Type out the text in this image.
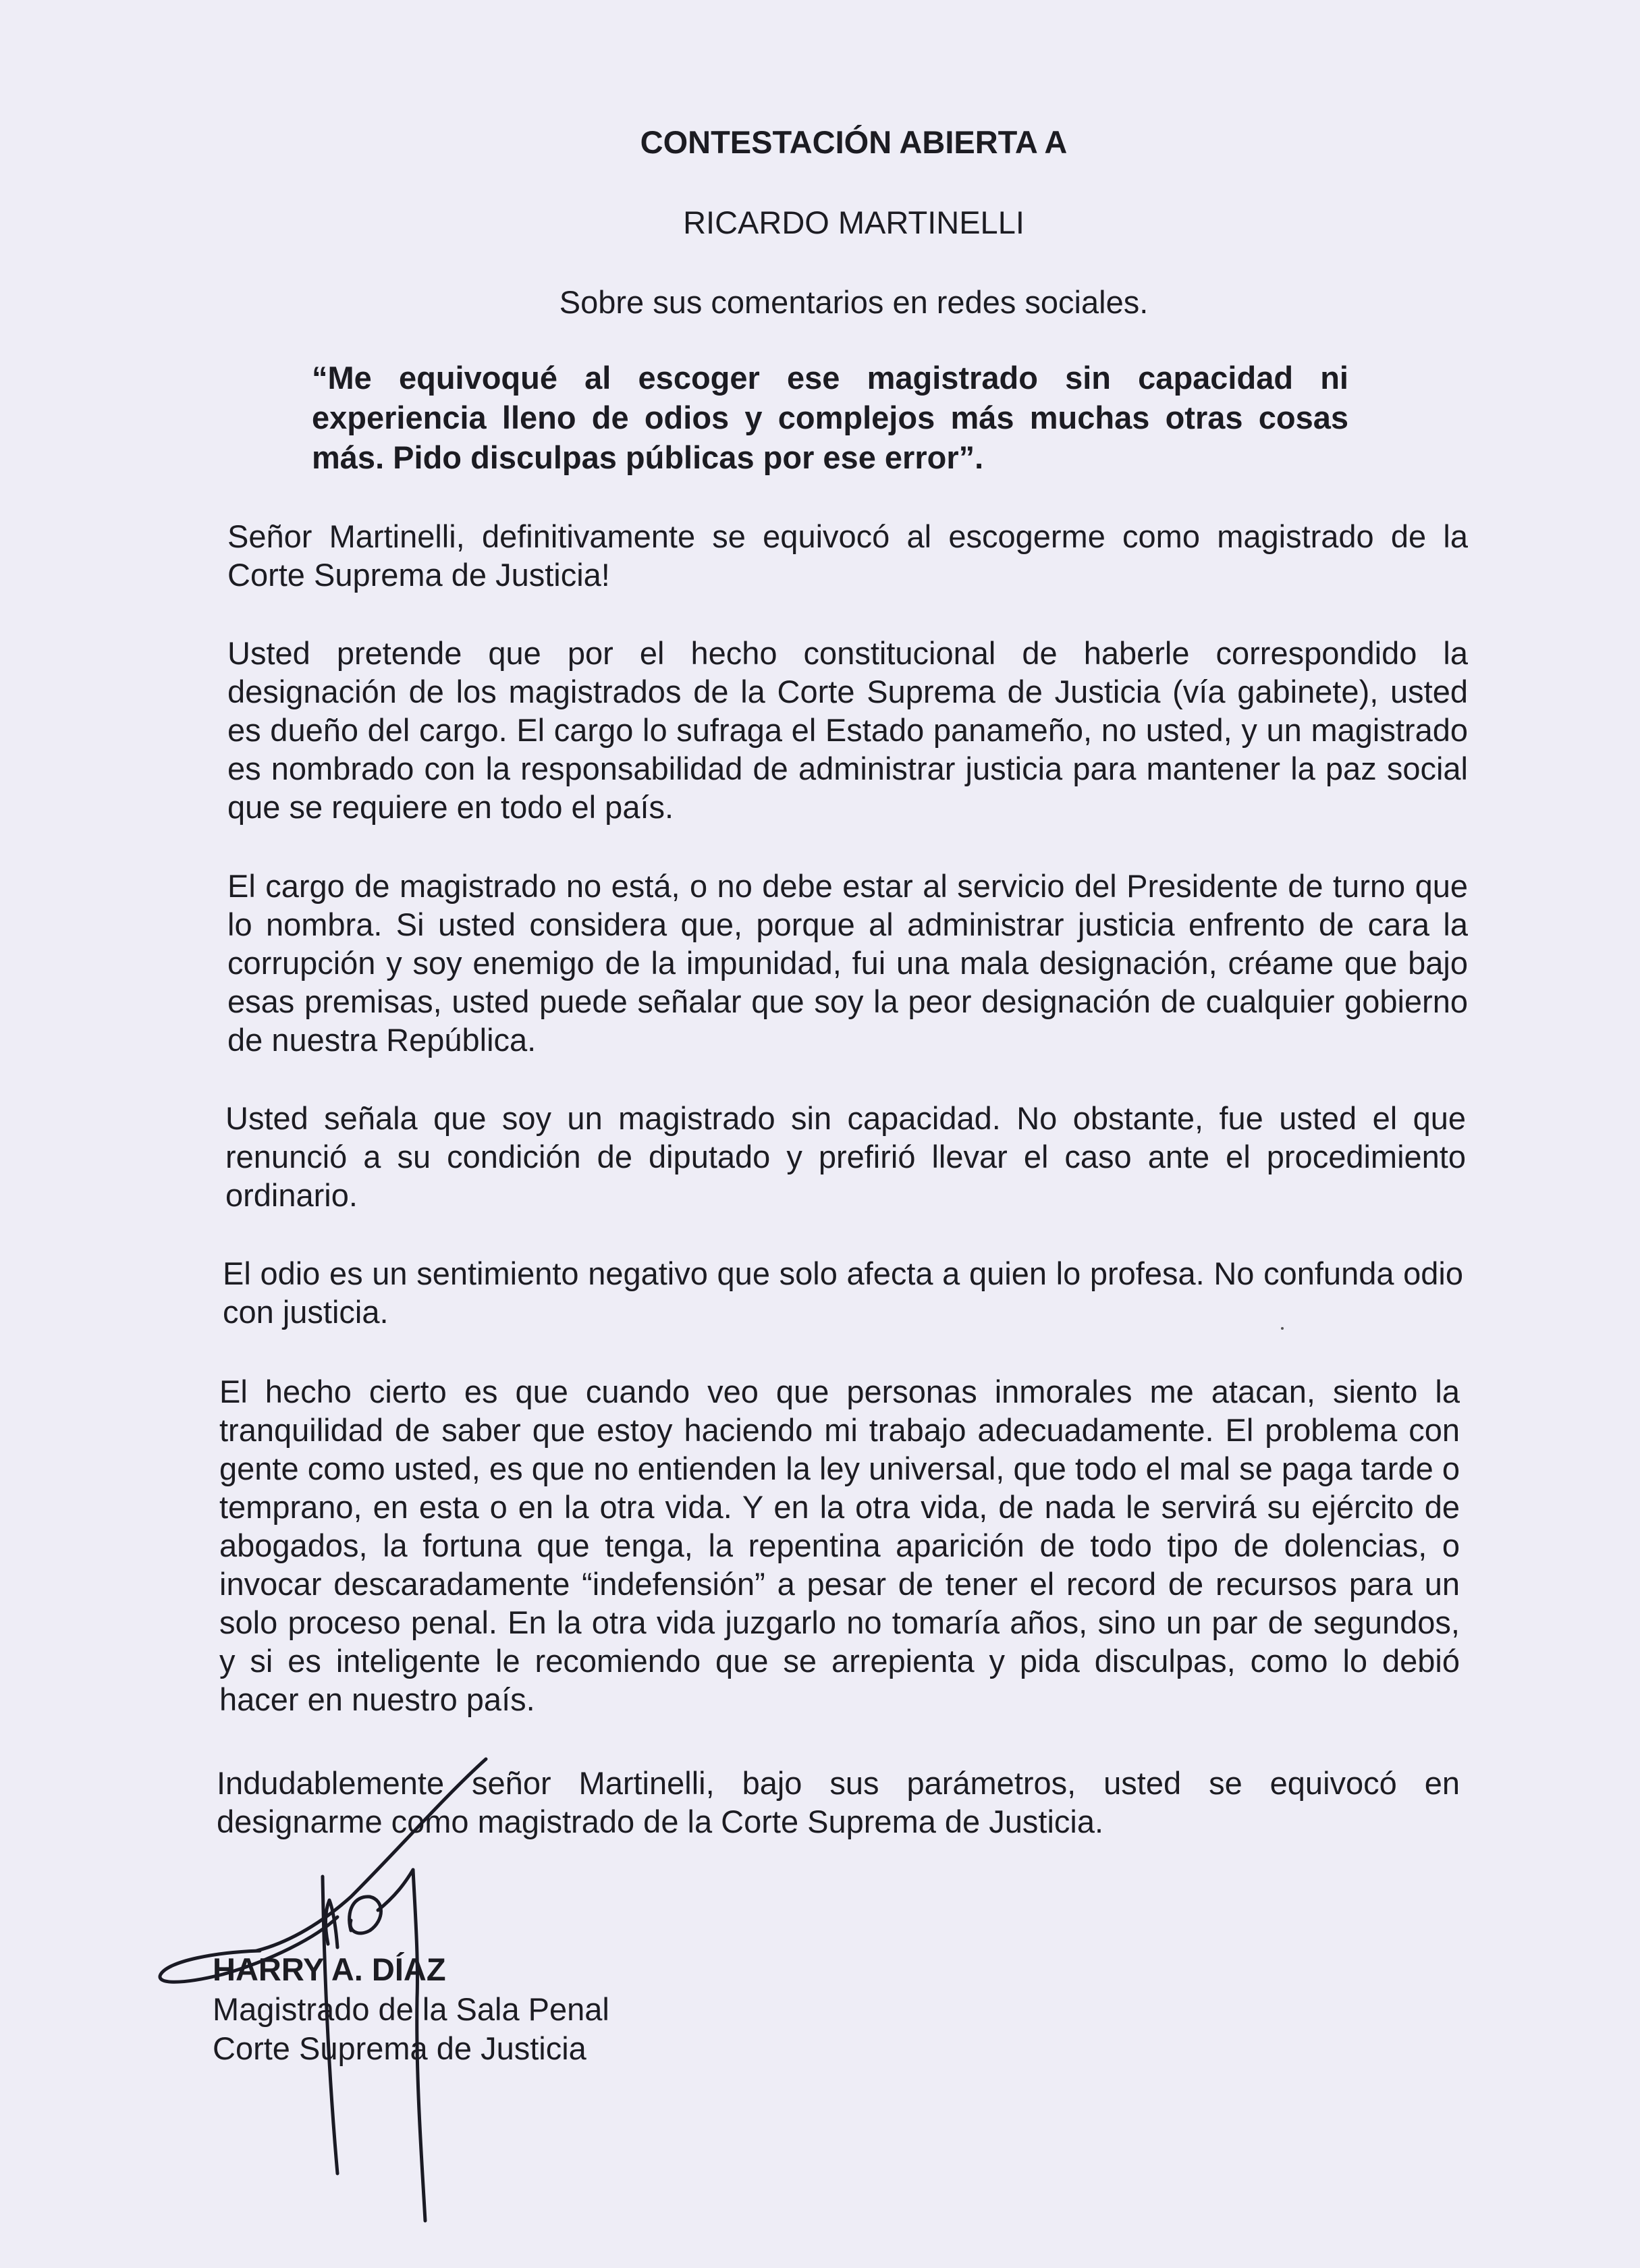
CONTESTACIÓN ABIERTA A
RICARDO MARTINELLI
Sobre sus comentarios en redes sociales.
“Me equivoqué al escoger ese magistrado sin capacidad ni experiencia lleno de odios y complejos más muchas otras cosas más. Pido disculpas públicas por ese error”.

Señor Martinelli, definitivamente se equivocó al escogerme como magistrado de la Corte Suprema de Justicia!

Usted pretende que por el hecho constitucional de haberle correspondido la designación de los magistrados de la Corte Suprema de Justicia (vía gabinete), usted es dueño del cargo. El cargo lo sufraga el Estado panameño, no usted, y un magistrado es nombrado con la responsabilidad de administrar justicia para mantener la paz social que se requiere en todo el país.

El cargo de magistrado no está, o no debe estar al servicio del Presidente de turno que lo nombra. Si usted considera que, porque al administrar justicia enfrento de cara la corrupción y soy enemigo de la impunidad, fui una mala designación, créame que bajo esas premisas, usted puede señalar que soy la peor designación de cualquier gobierno de nuestra República.

Usted señala que soy un magistrado sin capacidad. No obstante, fue usted el que renunció a su condición de diputado y prefirió llevar el caso ante el procedimiento ordinario.

El odio es un sentimiento negativo que solo afecta a quien lo profesa. No confunda odio con justicia.

El hecho cierto es que cuando veo que personas inmorales me atacan, siento la tranquilidad de saber que estoy haciendo mi trabajo adecuadamente. El problema con gente como usted, es que no entienden la ley universal, que todo el mal se paga tarde o temprano, en esta o en la otra vida. Y en la otra vida, de nada le servirá su ejército de abogados, la fortuna que tenga, la repentina aparición de todo tipo de dolencias, o invocar descaradamente “indefensión” a pesar de tener el record de recursos para un solo proceso penal. En la otra vida juzgarlo no tomaría años, sino un par de segundos, y si es inteligente le recomiendo que se arrepienta y pida disculpas, como lo debió hacer en nuestro país.

Indudablemente señor Martinelli, bajo sus parámetros, usted se equivocó en designarme como magistrado de la Corte Suprema de Justicia.

HARRY A. DÍAZ
Magistrado de la Sala Penal
Corte Suprema de Justicia
